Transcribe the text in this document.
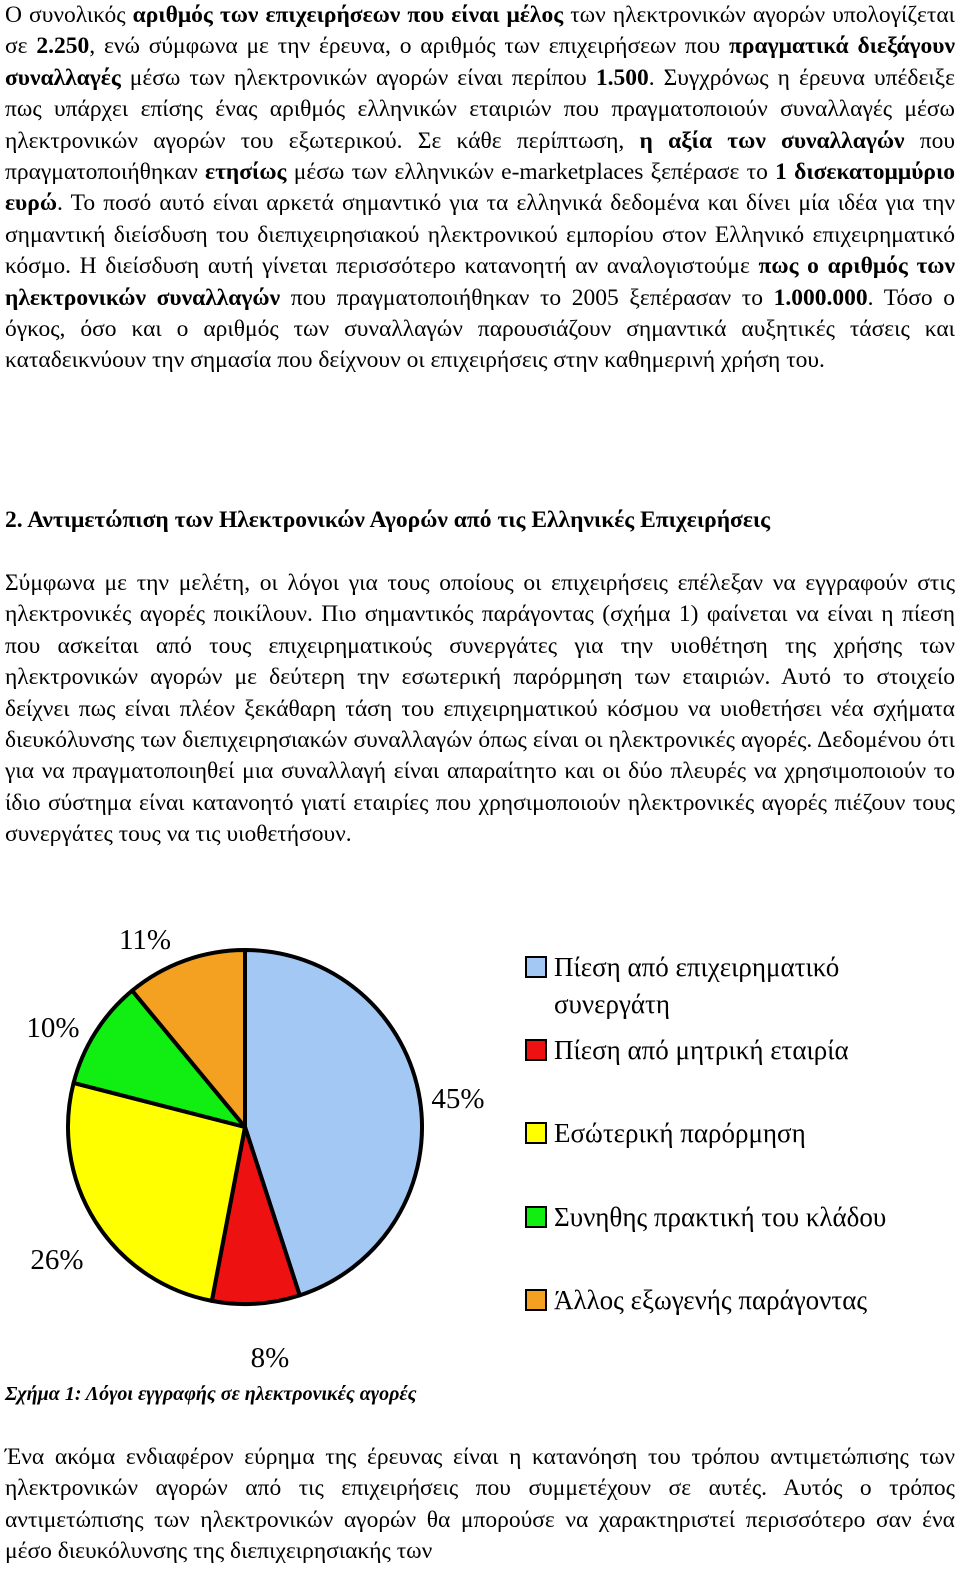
Ο συνολικός αριθμός των επιχειρήσεων που είναι μέλος των ηλεκτρονικών αγορών υπολογίζεται σε 2.250, ενώ σύμφωνα με την έρευνα, ο αριθμός των επιχειρήσεων που πραγματικά διεξάγουν συναλλαγές μέσω των ηλεκτρονικών αγορών είναι περίπου 1.500. Συγχρόνως η έρευνα υπέδειξε πως υπάρχει επίσης ένας αριθμός ελληνικών εταιριών που πραγματοποιούν συναλλαγές μέσω ηλεκτρονικών αγορών του εξωτερικού. Σε κάθε περίπτωση, η αξία των συναλλαγών που πραγματοποιήθηκαν ετησίως μέσω των ελληνικών e-marketplaces ξεπέρασε το 1 δισεκατομμύριο ευρώ. Το ποσό αυτό είναι αρκετά σημαντικό για τα ελληνικά δεδομένα και δίνει μία ιδέα για την σημαντική διείσδυση του διεπιχειρησιακού ηλεκτρονικού εμπορίου στον Ελληνικό επιχειρηματικό κόσμο. Η διείσδυση αυτή γίνεται περισσότερο κατανοητή αν αναλογιστούμε πως ο αριθμός των ηλεκτρονικών συναλλαγών που πραγματοποιήθηκαν το 2005 ξεπέρασαν το 1.000.000. Τόσο ο όγκος, όσο και ο αριθμός των συναλλαγών παρουσιάζουν σημαντικά αυξητικές τάσεις και καταδεικνύουν την σημασία που δείχνουν οι επιχειρήσεις στην καθημερινή χρήση του.

2. Αντιμετώπιση των Ηλεκτρονικών Αγορών από τις Ελληνικές Επιχειρήσεις

Σύμφωνα με την μελέτη, οι λόγοι για τους οποίους οι επιχειρήσεις επέλεξαν να εγγραφούν στις ηλεκτρονικές αγορές ποικίλουν. Πιο σημαντικός παράγοντας (σχήμα 1) φαίνεται να είναι η πίεση που ασκείται από τους επιχειρηματικούς συνεργάτες για την υιοθέτηση της χρήσης των ηλεκτρονικών αγορών με δεύτερη την εσωτερική παρόρμηση των εταιριών. Αυτό το στοιχείο δείχνει πως είναι πλέον ξεκάθαρη τάση του επιχειρηματικού κόσμου να υιοθετήσει νέα σχήματα διευκόλυνσης των διεπιχειρησιακών συναλλαγών όπως είναι οι ηλεκτρονικές αγορές. Δεδομένου ότι για να πραγματοποιηθεί μια συναλλαγή είναι απαραίτητο και οι δύο πλευρές να χρησιμοποιούν το ίδιο σύστημα είναι κατανοητό γιατί εταιρίες που χρησιμοποιούν ηλεκτρονικές αγορές πιέζουν τους συνεργάτες τους να τις υιοθετήσουν.

45%
8%
26%
10%
11%
Πίεση από επιχειρηματικό
συνεργάτη
Πίεση από μητρική εταιρία
Εσώτερική παρόρμηση
Συνηθης πρακτική του κλάδου
Άλλος εξωγενής παράγοντας

Σχήμα 1: Λόγοι εγγραφής σε ηλεκτρονικές αγορές

Ένα ακόμα ενδιαφέρον εύρημα της έρευνας είναι η κατανόηση του τρόπου αντιμετώπισης των ηλεκτρονικών αγορών από τις επιχειρήσεις που συμμετέχουν σε αυτές. Αυτός ο τρόπος αντιμετώπισης των ηλεκτρονικών αγορών θα μπορούσε να χαρακτηριστεί περισσότερο σαν ένα μέσο διευκόλυνσης της διεπιχειρησιακής των
